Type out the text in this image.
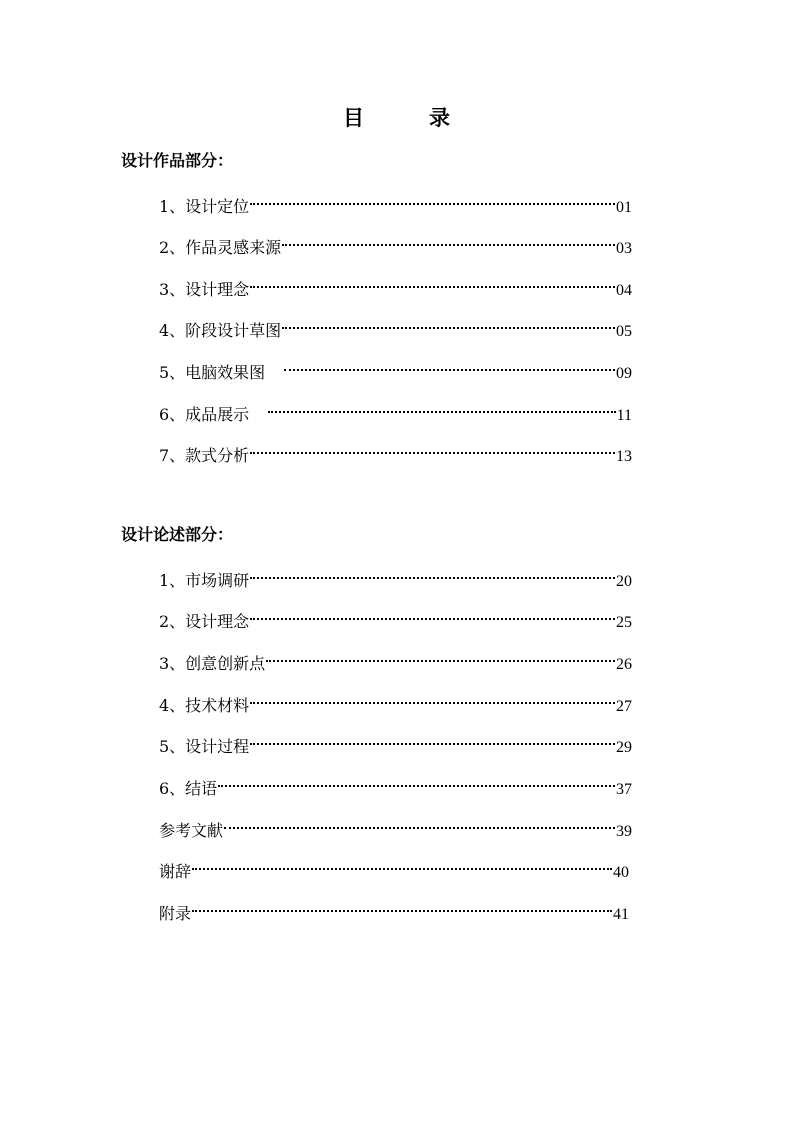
目　录
设计作品部分：
1、设计定位	01
2、作品灵感来源	03
3、设计理念	04
4、阶段设计草图	05
5、电脑效果图	09
6、成品展示	11
7、款式分析	13
设计论述部分：
1、市场调研	20
2、设计理念	25
3、创意创新点	26
4、技术材料	27
5、设计过程	29
6、结语	37
参考文献	39
谢辞	40
附录	41
